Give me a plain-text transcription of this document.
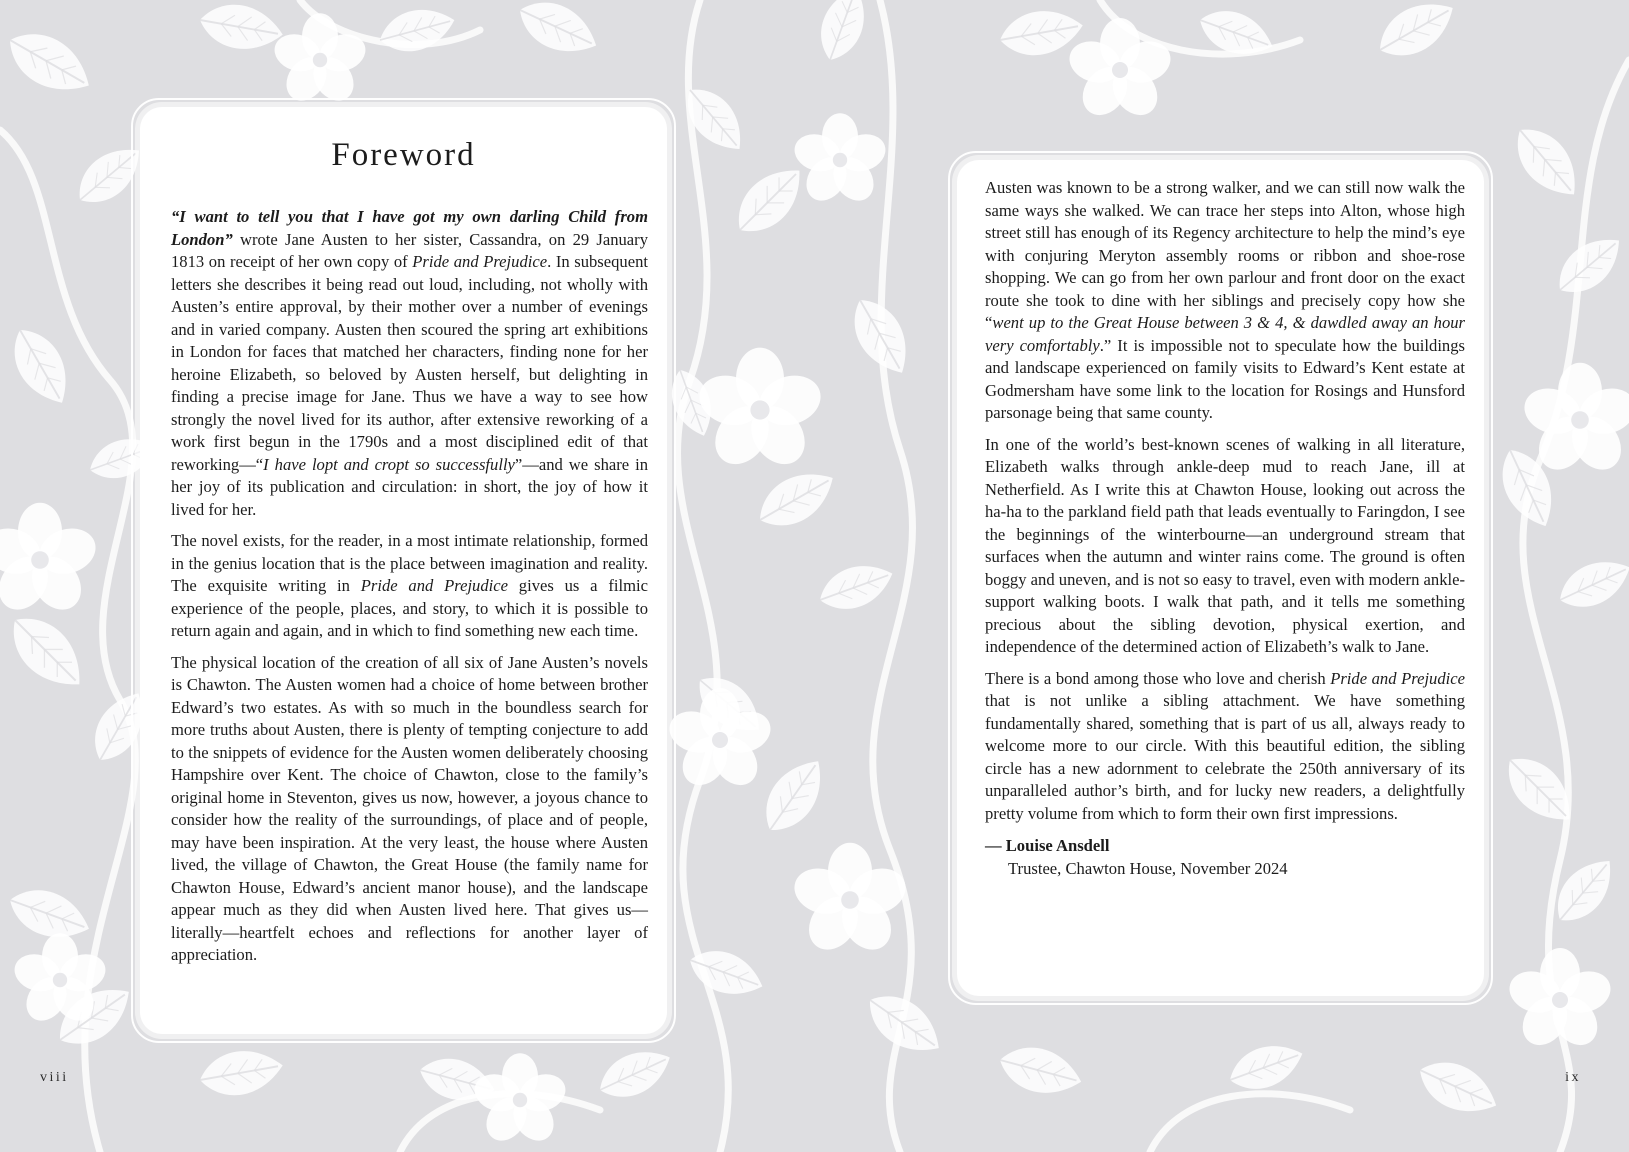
Foreword

“I want to tell you that I have got my own darling Child from London” wrote Jane Austen to her sister, Cassandra, on 29 January 1813 on receipt of her own copy of Pride and Prejudice. In subsequent letters she describes it being read out loud, including, not wholly with Austen’s entire approval, by their mother over a number of evenings and in varied company. Austen then scoured the spring art exhibitions in London for faces that matched her characters, finding none for her heroine Elizabeth, so beloved by Austen herself, but delighting in finding a precise image for Jane. Thus we have a way to see how strongly the novel lived for its author, after extensive reworking of a work first begun in the 1790s and a most disciplined edit of that reworking—“I have lopt and cropt so successfully”—and we share in her joy of its publication and circulation: in short, the joy of how it lived for her.

The novel exists, for the reader, in a most intimate relationship, formed in the genius location that is the place between imagination and reality. The exquisite writing in Pride and Prejudice gives us a filmic experience of the people, places, and story, to which it is possible to return again and again, and in which to find something new each time.

The physical location of the creation of all six of Jane Austen’s novels is Chawton. The Austen women had a choice of home between brother Edward’s two estates. As with so much in the boundless search for more truths about Austen, there is plenty of tempting conjecture to add to the snippets of evidence for the Austen women deliberately choosing Hampshire over Kent. The choice of Chawton, close to the family’s original home in Steventon, gives us now, however, a joyous chance to consider how the reality of the surroundings, of place and of people, may have been inspiration. At the very least, the house where Austen lived, the village of Chawton, the Great House (the family name for Chawton House, Edward’s ancient manor house), and the landscape appear much as they did when Austen lived here. That gives us—literally—heartfelt echoes and reflections for another layer of appreciation.

Austen was known to be a strong walker, and we can still now walk the same ways she walked. We can trace her steps into Alton, whose high street still has enough of its Regency architecture to help the mind’s eye with conjuring Meryton assembly rooms or ribbon and shoe-rose shopping. We can go from her own parlour and front door on the exact route she took to dine with her siblings and precisely copy how she “went up to the Great House between 3 & 4, & dawdled away an hour very comfortably.” It is impossible not to speculate how the buildings and landscape experienced on family visits to Edward’s Kent estate at Godmersham have some link to the location for Rosings and Hunsford parsonage being that same county.

In one of the world’s best-known scenes of walking in all literature, Elizabeth walks through ankle-deep mud to reach Jane, ill at Netherfield. As I write this at Chawton House, looking out across the ha-ha to the parkland field path that leads eventually to Faringdon, I see the beginnings of the winterbourne—an underground stream that surfaces when the autumn and winter rains come. The ground is often boggy and uneven, and is not so easy to travel, even with modern ankle-support walking boots. I walk that path, and it tells me something precious about the sibling devotion, physical exertion, and independence of the determined action of Elizabeth’s walk to Jane.

There is a bond among those who love and cherish Pride and Prejudice that is not unlike a sibling attachment. We have something fundamentally shared, something that is part of us all, always ready to welcome more to our circle. With this beautiful edition, the sibling circle has a new adornment to celebrate the 250th anniversary of its unparalleled author’s birth, and for lucky new readers, a delightfully pretty volume from which to form their own first impressions.

— Louise Ansdell
Trustee, Chawton House, November 2024
viii	ix
